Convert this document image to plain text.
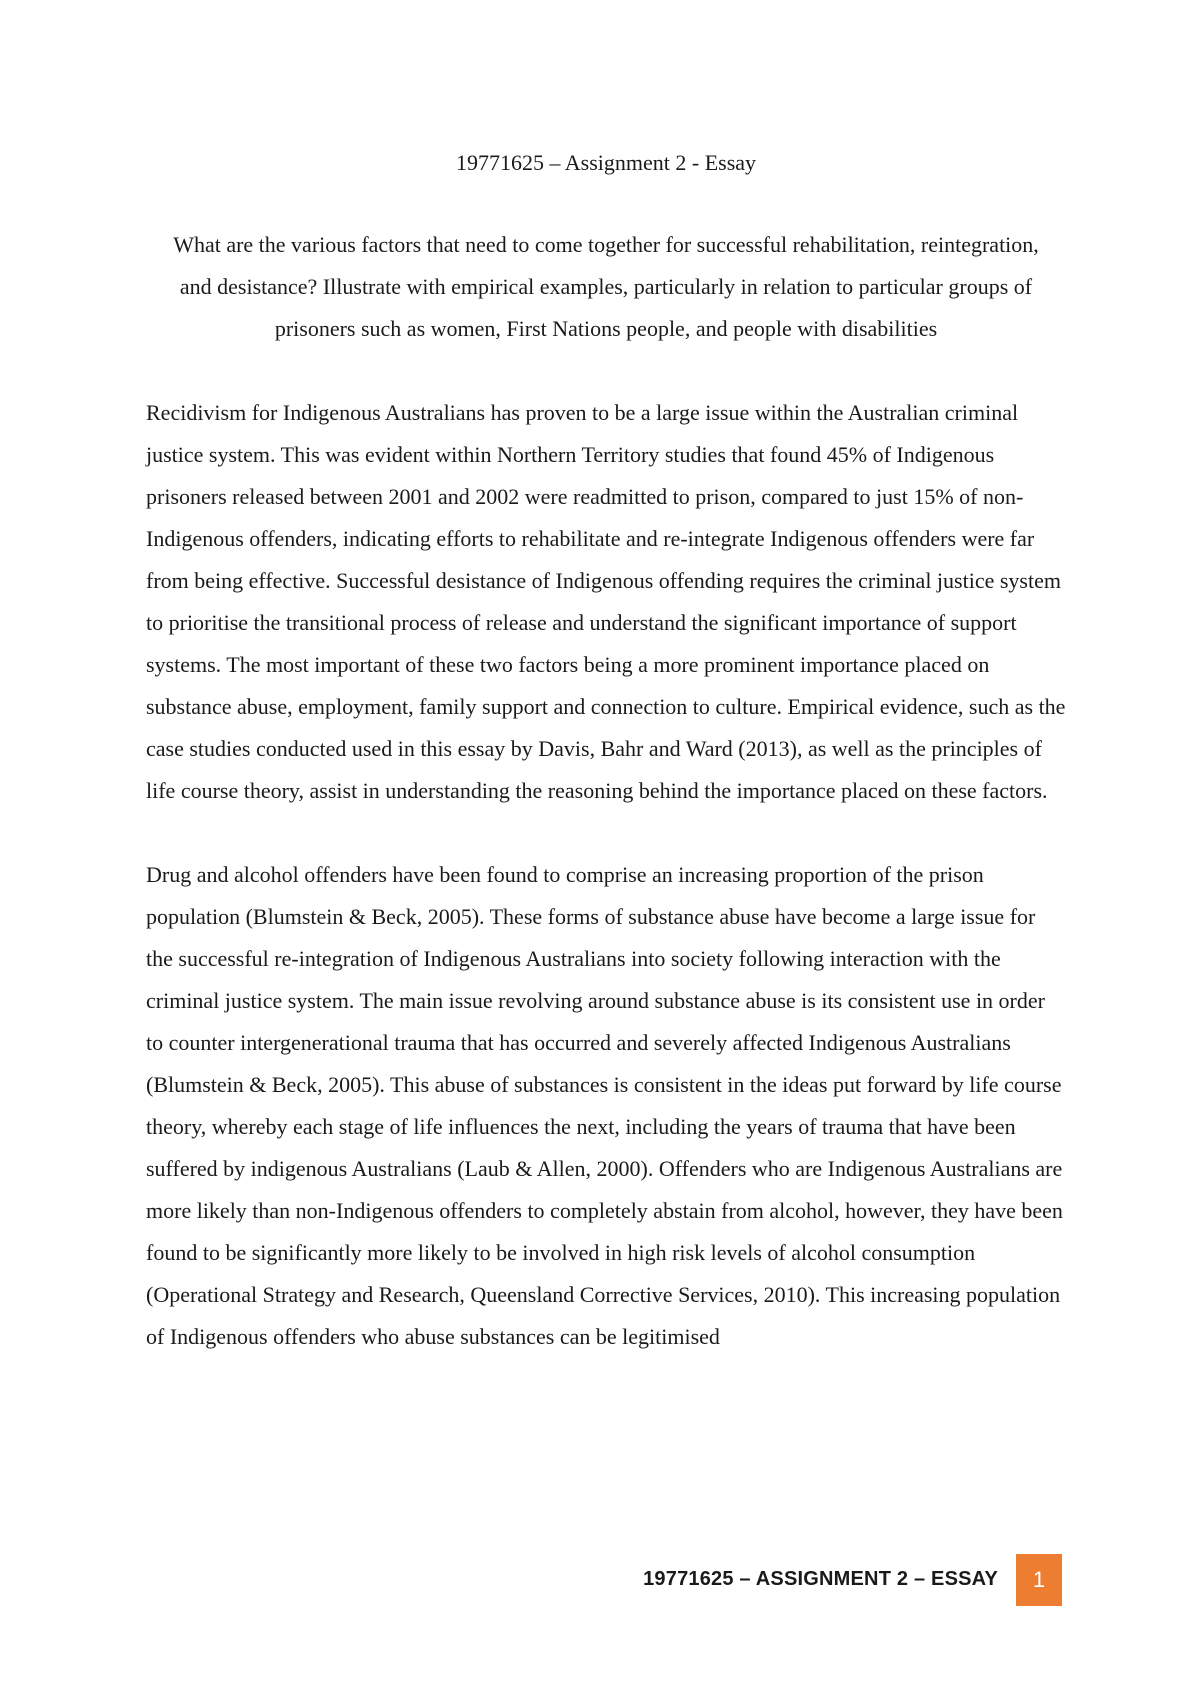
19771625 – Assignment 2 - Essay

What are the various factors that need to come together for successful rehabilitation, reintegration, and desistance? Illustrate with empirical examples, particularly in relation to particular groups of prisoners such as women, First Nations people, and people with disabilities

Recidivism for Indigenous Australians has proven to be a large issue within the Australian criminal justice system. This was evident within Northern Territory studies that found 45% of Indigenous prisoners released between 2001 and 2002 were readmitted to prison, compared to just 15% of non-Indigenous offenders, indicating efforts to rehabilitate and re-integrate Indigenous offenders were far from being effective. Successful desistance of Indigenous offending requires the criminal justice system to prioritise the transitional process of release and understand the significant importance of support systems. The most important of these two factors being a more prominent importance placed on substance abuse, employment, family support and connection to culture. Empirical evidence, such as the case studies conducted used in this essay by Davis, Bahr and Ward (2013), as well as the principles of life course theory, assist in understanding the reasoning behind the importance placed on these factors.

Drug and alcohol offenders have been found to comprise an increasing proportion of the prison population (Blumstein & Beck, 2005). These forms of substance abuse have become a large issue for the successful re-integration of Indigenous Australians into society following interaction with the criminal justice system. The main issue revolving around substance abuse is its consistent use in order to counter intergenerational trauma that has occurred and severely affected Indigenous Australians (Blumstein & Beck, 2005). This abuse of substances is consistent in the ideas put forward by life course theory, whereby each stage of life influences the next, including the years of trauma that have been suffered by indigenous Australians (Laub & Allen, 2000). Offenders who are Indigenous Australians are more likely than non-Indigenous offenders to completely abstain from alcohol, however, they have been found to be significantly more likely to be involved in high risk levels of alcohol consumption (Operational Strategy and Research, Queensland Corrective Services, 2010). This increasing population of Indigenous offenders who abuse substances can be legitimised

19771625 – ASSIGNMENT 2 – ESSAY	1
